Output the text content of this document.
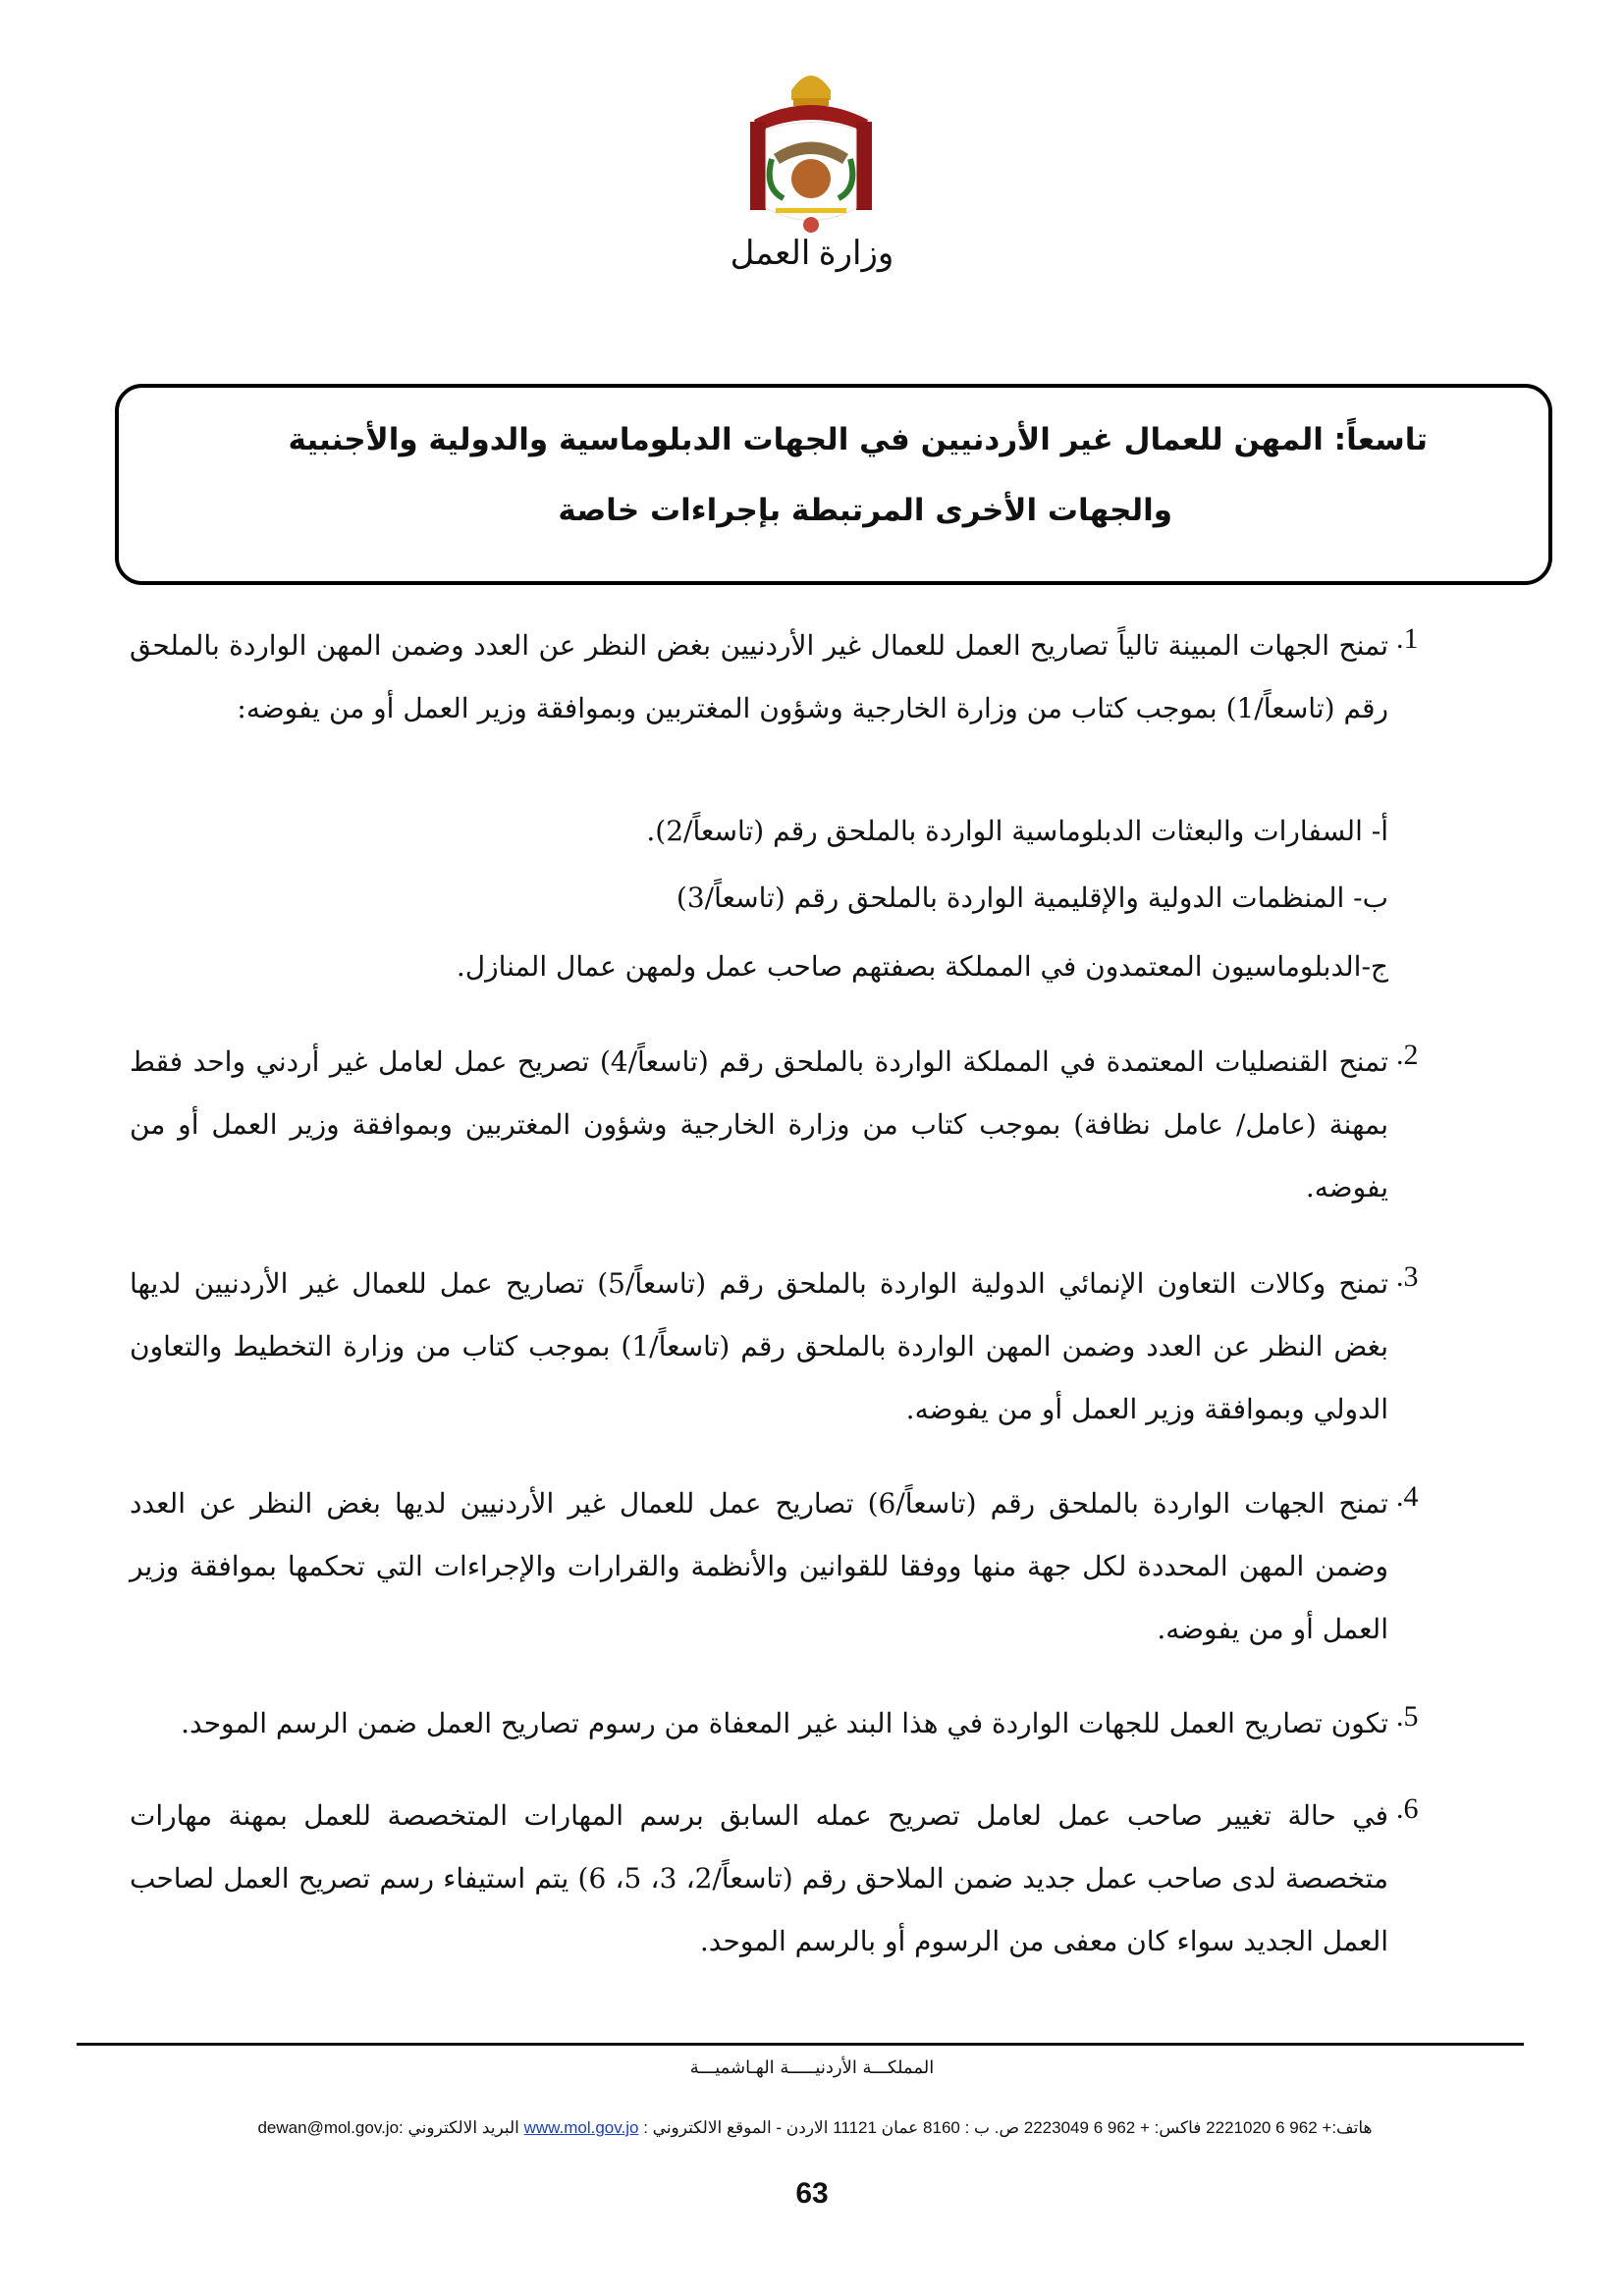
وزارة العمل
تاسعاً: المهن للعمال غير الأردنيين في الجهات الدبلوماسية والدولية والأجنبية
والجهات الأخرى المرتبطة بإجراءات خاصة
.1
تمنح الجهات المبينة تالياً تصاريح العمل للعمال غير الأردنيين بغض النظر عن العدد وضمن المهن الواردة بالملحق رقم (تاسعاً/1) بموجب كتاب من وزارة الخارجية وشؤون المغتربين وبموافقة وزير العمل أو من يفوضه:
أ- السفارات والبعثات الدبلوماسية الواردة بالملحق رقم (تاسعاً/2).
ب- المنظمات الدولية والإقليمية الواردة بالملحق رقم (تاسعاً/3)
ج-الدبلوماسيون المعتمدون في المملكة بصفتهم صاحب عمل ولمهن عمال المنازل.
.2
تمنح القنصليات المعتمدة في المملكة الواردة بالملحق رقم (تاسعاً/4) تصريح عمل لعامل غير أردني واحد فقط بمهنة (عامل/ عامل نظافة) بموجب كتاب من وزارة الخارجية وشؤون المغتربين وبموافقة وزير العمل أو من يفوضه.
.3
تمنح وكالات التعاون الإنمائي الدولية الواردة بالملحق رقم (تاسعاً/5) تصاريح عمل للعمال غير الأردنيين لديها بغض النظر عن العدد وضمن المهن الواردة بالملحق رقم (تاسعاً/1) بموجب كتاب من وزارة التخطيط والتعاون الدولي وبموافقة وزير العمل أو من يفوضه.
.4
تمنح الجهات الواردة بالملحق رقم (تاسعاً/6) تصاريح عمل للعمال غير الأردنيين لديها بغض النظر عن العدد وضمن المهن المحددة لكل جهة منها ووفقا للقوانين والأنظمة والقرارات والإجراءات التي تحكمها بموافقة وزير العمل أو من يفوضه.
.5
تكون تصاريح العمل للجهات الواردة في هذا البند غير المعفاة من رسوم تصاريح العمل ضمن الرسم الموحد.
.6
في حالة تغيير صاحب عمل لعامل تصريح عمله السابق برسم المهارات المتخصصة للعمل بمهنة مهارات متخصصة لدى صاحب عمل جديد ضمن الملاحق رقم (تاسعاً/2، 3، 5، 6) يتم استيفاء رسم تصريح العمل لصاحب العمل الجديد سواء كان معفى من الرسوم أو بالرسم الموحد.
المملكـــة الأردنيـــــة الهـاشميـــة
هاتف:+ 962 6 2221020 فاكس: + 962 6 2223049 ص. ب : 8160 عمان 11121 الاردن - الموقع الالكتروني : www.mol.gov.jo البريد الالكتروني :dewan@mol.gov.jo
63
